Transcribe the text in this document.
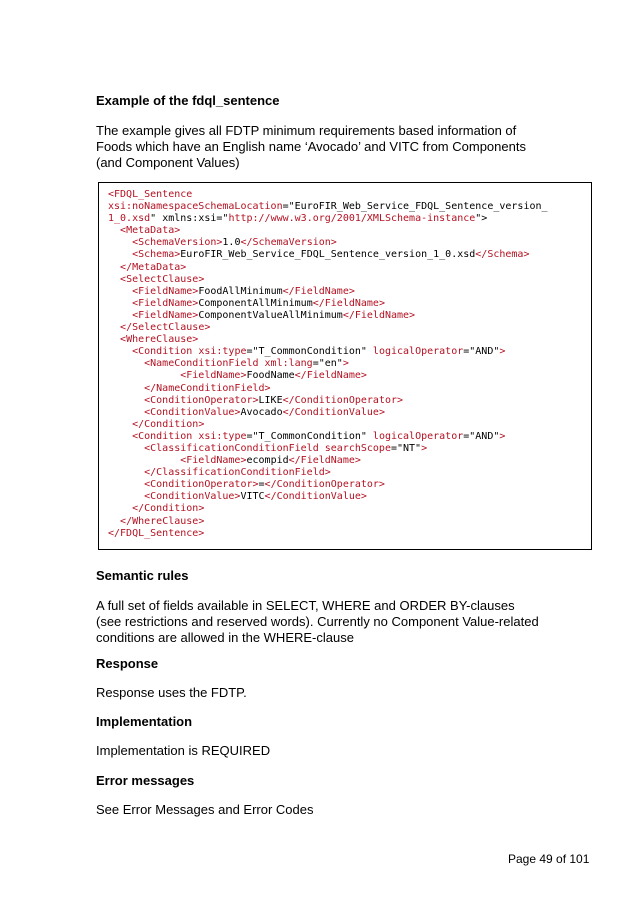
Example of the fdql_sentence

The example gives all FDTP minimum requirements based information of
Foods which have an English name ‘Avocado’ and VITC from Components
(and Component Values)

<FDQL_Sentence
xsi:noNamespaceSchemaLocation="EuroFIR_Web_Service_FDQL_Sentence_version_
1_0.xsd" xmlns:xsi="http://www.w3.org/2001/XMLSchema-instance">
<MetaData>
<SchemaVersion>1.0</SchemaVersion>
<Schema>EuroFIR_Web_Service_FDQL_Sentence_version_1_0.xsd</Schema>
</MetaData>
<SelectClause>
<FieldName>FoodAllMinimum</FieldName>
<FieldName>ComponentAllMinimum</FieldName>
<FieldName>ComponentValueAllMinimum</FieldName>
</SelectClause>
<WhereClause>
<Condition xsi:type="T_CommonCondition" logicalOperator="AND">
<NameConditionField xml:lang="en">
<FieldName>FoodName</FieldName>
</NameConditionField>
<ConditionOperator>LIKE</ConditionOperator>
<ConditionValue>Avocado</ConditionValue>
</Condition>
<Condition xsi:type="T_CommonCondition" logicalOperator="AND">
<ClassificationConditionField searchScope="NT">
<FieldName>ecompid</FieldName>
</ClassificationConditionField>
<ConditionOperator>=</ConditionOperator>
<ConditionValue>VITC</ConditionValue>
</Condition>
</WhereClause>
</FDQL_Sentence>
Semantic rules

A full set of fields available in SELECT, WHERE and ORDER BY-clauses
(see restrictions and reserved words). Currently no Component Value-related
conditions are allowed in the WHERE-clause

Response

Response uses the FDTP.

Implementation

Implementation is REQUIRED

Error messages

See Error Messages and Error Codes

Page 49 of 101
